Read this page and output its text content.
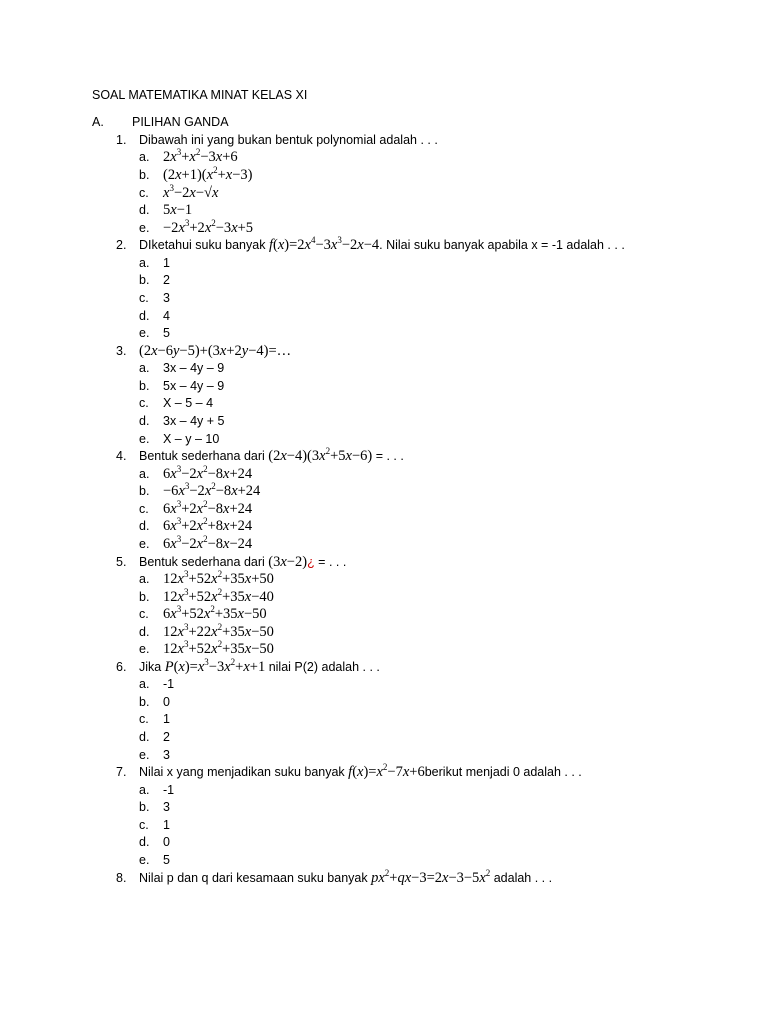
SOAL MATEMATIKA MINAT KELAS XI
A. PILIHAN GANDA
1.	Dibawah ini yang bukan bentuk polynomial adalah . . .
a. $2x^3+x^2-3x+6$
b. $(2x+1)(x^2+x-3)$
c. $x^3-2x-√x$
d. 5x−1
e. $-2x^3+2x^2-3x+5$
2.	DIketahui suku banyak $f(x)=2x^4-3x^3-2x-4$. Nilai suku banyak apabila x = -1 adalah . . .
a.	1
b.	2
c.	3
d.	4
e.	5
3. (2x−6y−5)+(3x+2y−4)=…
a.	3x – 4y – 9
b.	5x – 4y – 9
c.	X – 5 – 4
d.	3x – 4y + 5
e.	X – y – 10
4.	Bentuk sederhana dari $(2x-4)(3x^2+5x-6)$ = . . .
a. $6x^3-2x^2-8x+24$
b. $-6x^3-2x^2-8x+24$
c. $6x^3+2x^2-8x+24$
d. $6x^3+2x^2+8x+24$
e. $6x^3-2x^2-8x-24$
5.	Bentuk sederhana dari (3x−2)¿ = . . .
a. $12x^3+52x^2+35x+50$
b. $12x^3+52x^2+35x-40$
c. $6x^3+52x^2+35x-50$
d. $12x^3+22x^2+35x-50$
e. $12x^3+52x^2+35x-50$
6.	Jika $P(x)=x^3-3x^2+x+1$ nilai P(2) adalah . . .
a.	-1
b.	0
c.	1
d.	2
e.	3
7.	Nilai x yang menjadikan suku banyak $f(x)=x^2-7x+6berikut$ menjadi 0 adalah . . .
a.	-1
b.	3
c.	1
d.	0
e.	5
8.	Nilai p dan q dari kesamaan suku banyak $px^2+qx-3=2x-3-5x^2$ adalah . . .
